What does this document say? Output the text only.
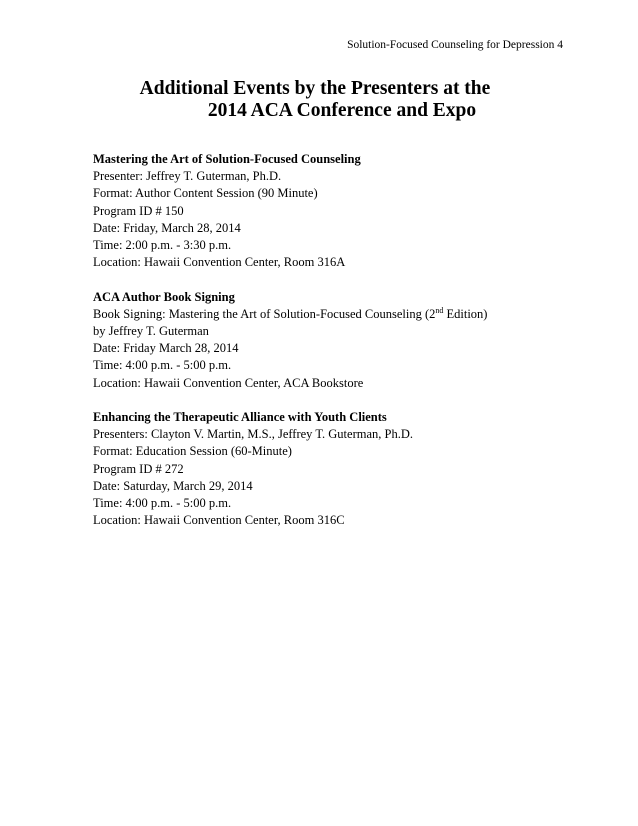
Solution-Focused Counseling for Depression 4
Additional Events by the Presenters at the
2014 ACA Conference and Expo
Mastering the Art of Solution-Focused Counseling
Presenter: Jeffrey T. Guterman, Ph.D.
Format: Author Content Session (90 Minute)
Program ID # 150
Date: Friday, March 28, 2014
Time: 2:00 p.m. - 3:30 p.m.
Location: Hawaii Convention Center, Room 316A
ACA Author Book Signing
Book Signing: Mastering the Art of Solution-Focused Counseling (2nd Edition)
by Jeffrey T. Guterman
Date: Friday March 28, 2014
Time: 4:00 p.m. - 5:00 p.m.
Location: Hawaii Convention Center, ACA Bookstore
Enhancing the Therapeutic Alliance with Youth Clients
Presenters: Clayton V. Martin, M.S., Jeffrey T. Guterman, Ph.D.
Format: Education Session (60-Minute)
Program ID # 272
Date: Saturday, March 29, 2014
Time: 4:00 p.m. - 5:00 p.m.
Location: Hawaii Convention Center, Room 316C
